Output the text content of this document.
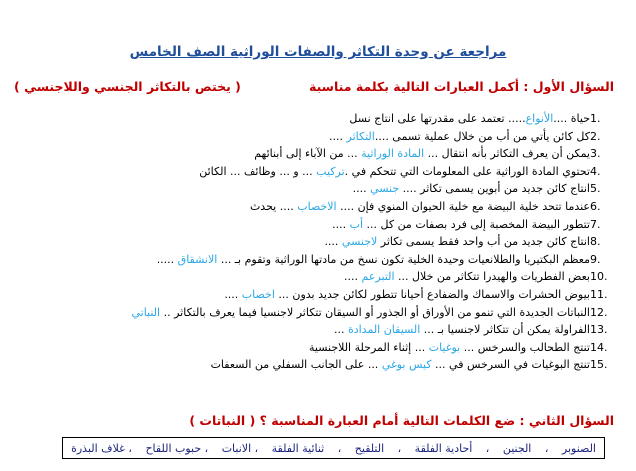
مراجعة عن وحدة التكاثر والصفات الوراثية الصف الخامس
السؤال الأول : أكمل العبارات التالية بكلمة مناسبة
( يختص بالتكاثر الجنسي واللاجنسي )
1.
حياة ....الأنواع..... تعتمد على مقدرتها على انتاج نسل
2.
كل كائن يأتي من أب من خلال عملية تسمى ....التكاثر ....
3.
يمكن أن يعرف التكاثر بأنه انتقال ... المادة الوراثية ... من الآباء إلى أبنائهم
4.
تحتوي المادة الوراثية على المعلومات التي تتحكم في .تركيب ... و ... وظائف ... الكائن
5.
انتاج كائن جديد من أبوين يسمى تكاثر .... جنسي ....
6.
عندما تتحد خلية البيضة مع خلية الحيوان المنوي فإن .... الاخصاب .... يحدث
7.
تتطور البيضة المخصبة إلى فرد بصفات من كل ... أب ....
8.
انتاج كائن جديد من أب واحد فقط يسمى تكاثر لاجنسي ....
9.
معظم البكتيريا والطلانعيات وحيدة الخلية تكون نسخ من مادتها الوراثية وتقوم بـ ... الانشقاق .....
10.
بعض الفطريات والهيدرا تتكاثر من خلال ... التبرعم ....
11.
بيوض الحشرات والاسماك والضفادع أحيانا تتطور لكائن جديد بدون ... اخصاب ....
12.
النباتات الجديدة التي تنمو من الأوراق أو الجذور أو السيقان تتكاثر لاجنسيا فيما يعرف بالتكاثر .. النباتي
13.
الفراولة يمكن أن تتكاثر لاجنسيا بـ ... السيقان المدادة ...
14.
تنتج الطحالب والسرخس ... بوغيات ... إثناء المرحلة اللاجنسية
15.
تنتج البوغيات في السرخس في ... كيس بوغي ... على الجانب السفلي من السعفات
السؤال الثاني : ضع الكلمات التالية أمام العبارة المناسبة ؟ ( النباتات )
الصنوبر
،
الجنين
،
أحادية الفلقة
،
التلقيح
،
ثنائية الفلقة
، الانبات
، حبوب اللقاح
، غلاف البذرة
